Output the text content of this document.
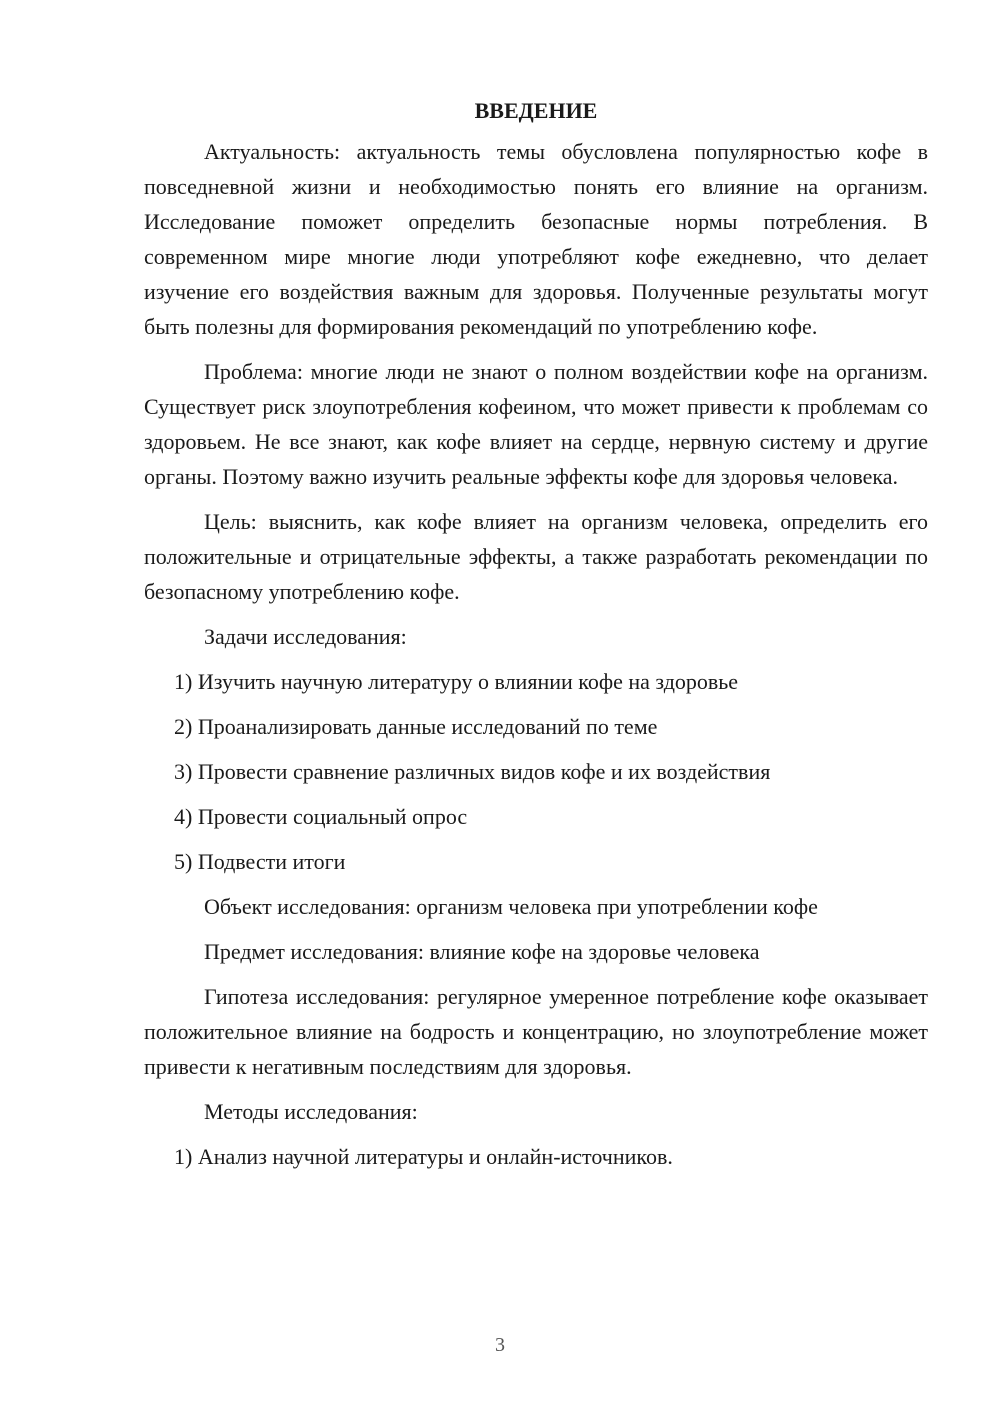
ВВЕДЕНИЕ

Актуальность: актуальность темы обусловлена популярностью кофе в повседневной жизни и необходимостью понять его влияние на организм. Исследование поможет определить безопасные нормы потребления. В современном мире многие люди употребляют кофе ежедневно, что делает изучение его воздействия важным для здоровья. Полученные результаты могут быть полезны для формирования рекомендаций по употреблению кофе.

Проблема: многие люди не знают о полном воздействии кофе на организм. Существует риск злоупотребления кофеином, что может привести к проблемам со здоровьем. Не все знают, как кофе влияет на сердце, нервную систему и другие органы. Поэтому важно изучить реальные эффекты кофе для здоровья человека.

Цель: выяснить, как кофе влияет на организм человека, определить его положительные и отрицательные эффекты, а также разработать рекомендации по безопасному употреблению кофе.

Задачи исследования:

1) Изучить научную литературу о влиянии кофе на здоровье

2) Проанализировать данные исследований по теме

3) Провести сравнение различных видов кофе и их воздействия

4) Провести социальный опрос

5) Подвести итоги

Объект исследования: организм человека при употреблении кофе

Предмет исследования: влияние кофе на здоровье человека

Гипотеза исследования: регулярное умеренное потребление кофе оказывает положительное влияние на бодрость и концентрацию, но злоупотребление может привести к негативным последствиям для здоровья.

Методы исследования:

1) Анализ научной литературы и онлайн-источников.

3
